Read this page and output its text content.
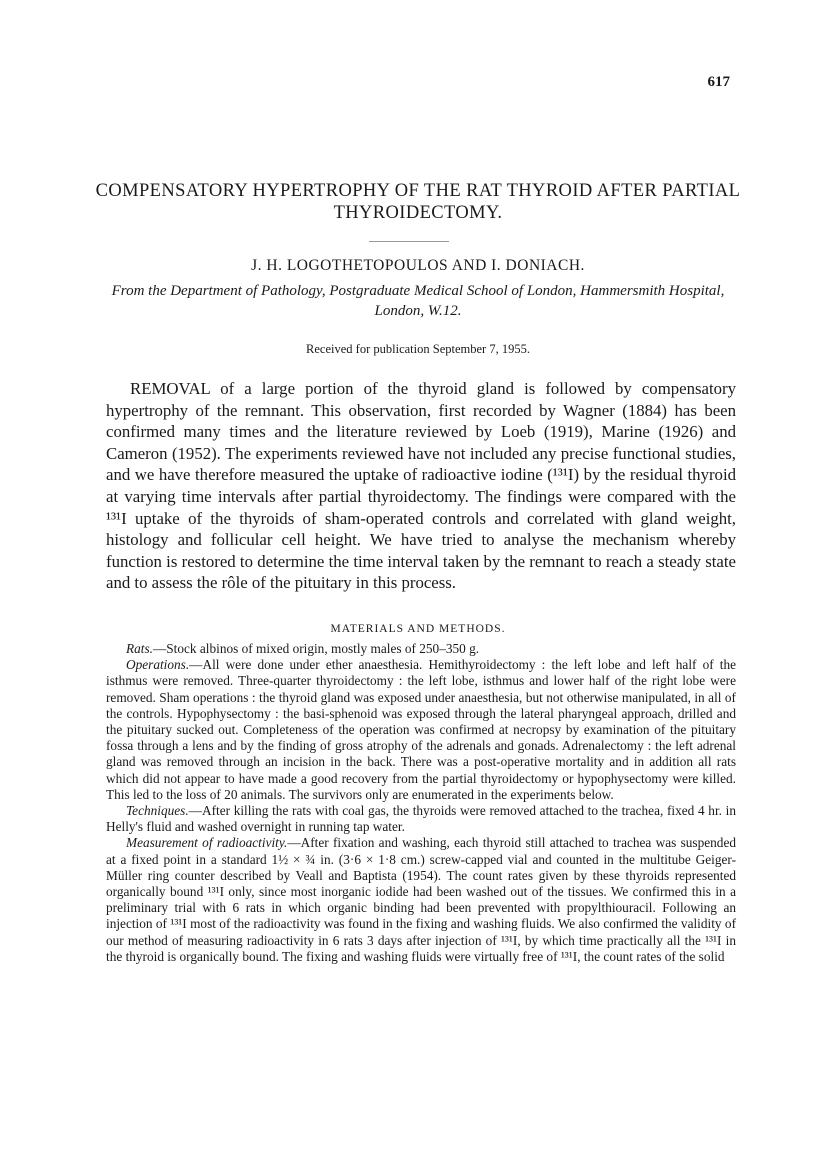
617
COMPENSATORY HYPERTROPHY OF THE RAT THYROID AFTER PARTIAL THYROIDECTOMY.
J. H. LOGOTHETOPOULOS AND I. DONIACH.
From the Department of Pathology, Postgraduate Medical School of London, Hammersmith Hospital, London, W.12.
Received for publication September 7, 1955.

REMOVAL of a large portion of the thyroid gland is followed by compensatory hypertrophy of the remnant. This observation, first recorded by Wagner (1884) has been confirmed many times and the literature reviewed by Loeb (1919), Marine (1926) and Cameron (1952). The experiments reviewed have not included any precise functional studies, and we have therefore measured the uptake of radioactive iodine (¹³¹I) by the residual thyroid at varying time intervals after partial thyroidectomy. The findings were compared with the ¹³¹I uptake of the thyroids of sham-operated controls and correlated with gland weight, histology and follicular cell height. We have tried to analyse the mechanism whereby function is restored to determine the time interval taken by the remnant to reach a steady state and to assess the rôle of the pituitary in this process.

MATERIALS AND METHODS.

Rats.—Stock albinos of mixed origin, mostly males of 250–350 g.

Operations.—All were done under ether anaesthesia. Hemithyroidectomy : the left lobe and left half of the isthmus were removed. Three-quarter thyroidectomy : the left lobe, isthmus and lower half of the right lobe were removed. Sham operations : the thyroid gland was exposed under anaesthesia, but not otherwise manipulated, in all of the controls. Hypophysectomy : the basi-sphenoid was exposed through the lateral pharyngeal approach, drilled and the pituitary sucked out. Completeness of the operation was confirmed at necropsy by examination of the pituitary fossa through a lens and by the finding of gross atrophy of the adrenals and gonads. Adrenalectomy : the left adrenal gland was removed through an incision in the back. There was a post-operative mortality and in addition all rats which did not appear to have made a good recovery from the partial thyroidectomy or hypophysectomy were killed. This led to the loss of 20 animals. The survivors only are enumerated in the experiments below.

Techniques.—After killing the rats with coal gas, the thyroids were removed attached to the trachea, fixed 4 hr. in Helly's fluid and washed overnight in running tap water.

Measurement of radioactivity.—After fixation and washing, each thyroid still attached to trachea was suspended at a fixed point in a standard 1½ × ¾ in. (3·6 × 1·8 cm.) screw-capped vial and counted in the multitube Geiger-Müller ring counter described by Veall and Baptista (1954). The count rates given by these thyroids represented organically bound ¹³¹I only, since most inorganic iodide had been washed out of the tissues. We confirmed this in a preliminary trial with 6 rats in which organic binding had been prevented with propylthiouracil. Following an injection of ¹³¹I most of the radioactivity was found in the fixing and washing fluids. We also confirmed the validity of our method of measuring radioactivity in 6 rats 3 days after injection of ¹³¹I, by which time practically all the ¹³¹I in the thyroid is organically bound. The fixing and washing fluids were virtually free of ¹³¹I, the count rates of the solid
